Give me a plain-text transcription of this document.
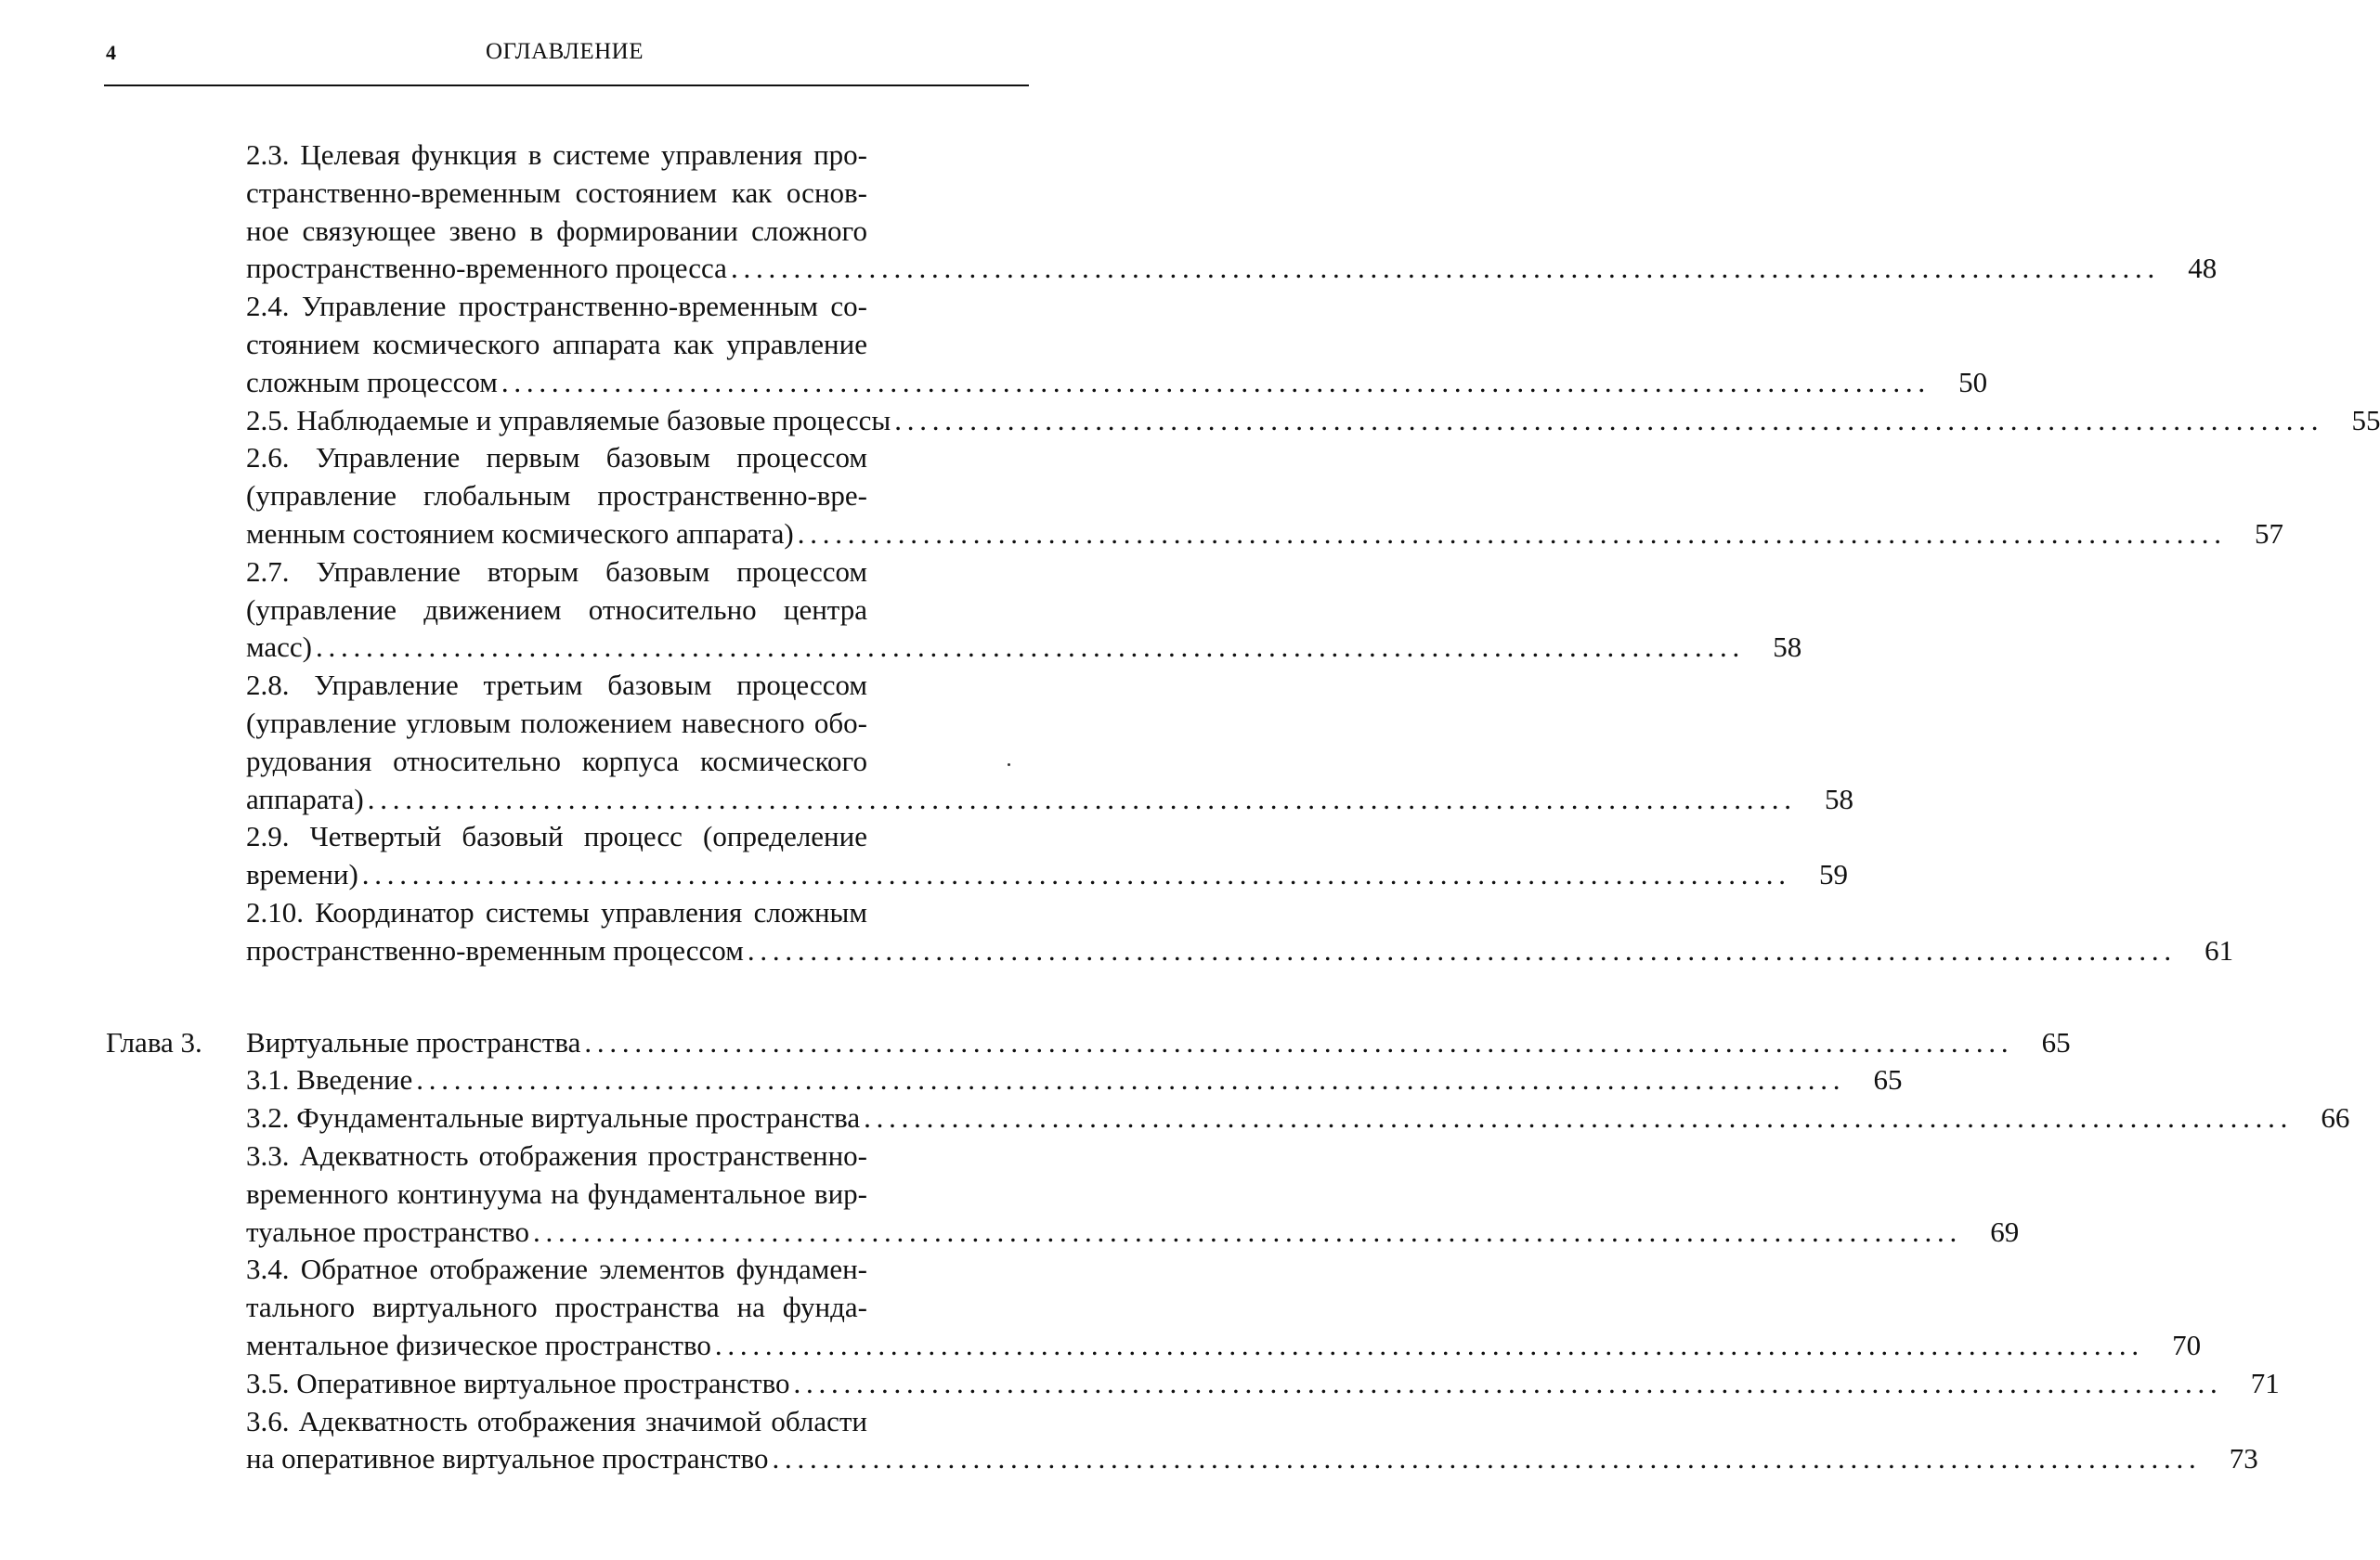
4	ОГЛАВЛЕНИЕ
2.3. Целевая функция в системе управления про-
странственно-временным состоянием как основ-
ное связующее звено в формировании сложного
пространственно-временного процесса . . .	48
2.4. Управление пространственно-временным со-
стоянием космического аппарата как управление
сложным процессом . . .	50
2.5. Наблюдаемые и управляемые базовые процессы . . .	55
2.6. Управление первым базовым процессом
(управление глобальным пространственно-вре-
менным состоянием космического аппарата) . . .	57
2.7. Управление вторым базовым процессом
(управление движением относительно центра
масс) . . .	58
2.8. Управление третьим базовым процессом
(управление угловым положением навесного обо-
рудования относительно корпуса космического
аппарата) . . .	58
2.9. Четвертый базовый процесс (определение
времени) . . .	59
2.10. Координатор системы управления сложным
пространственно-временным процессом . . .	61
Глава 3. Виртуальные пространства . . .	65
3.1. Введение . . .	65
3.2. Фундаментальные виртуальные пространства . . .	66
3.3. Адекватность отображения пространственно-
временного континуума на фундаментальное вир-
туальное пространство . . .	69
3.4. Обратное отображение элементов фундамен-
тального виртуального пространства на фунда-
ментальное физическое пространство . . .	70
3.5. Оперативное виртуальное пространство . . .	71
3.6. Адекватность отображения значимой области
на оперативное виртуальное пространство . . .	73
